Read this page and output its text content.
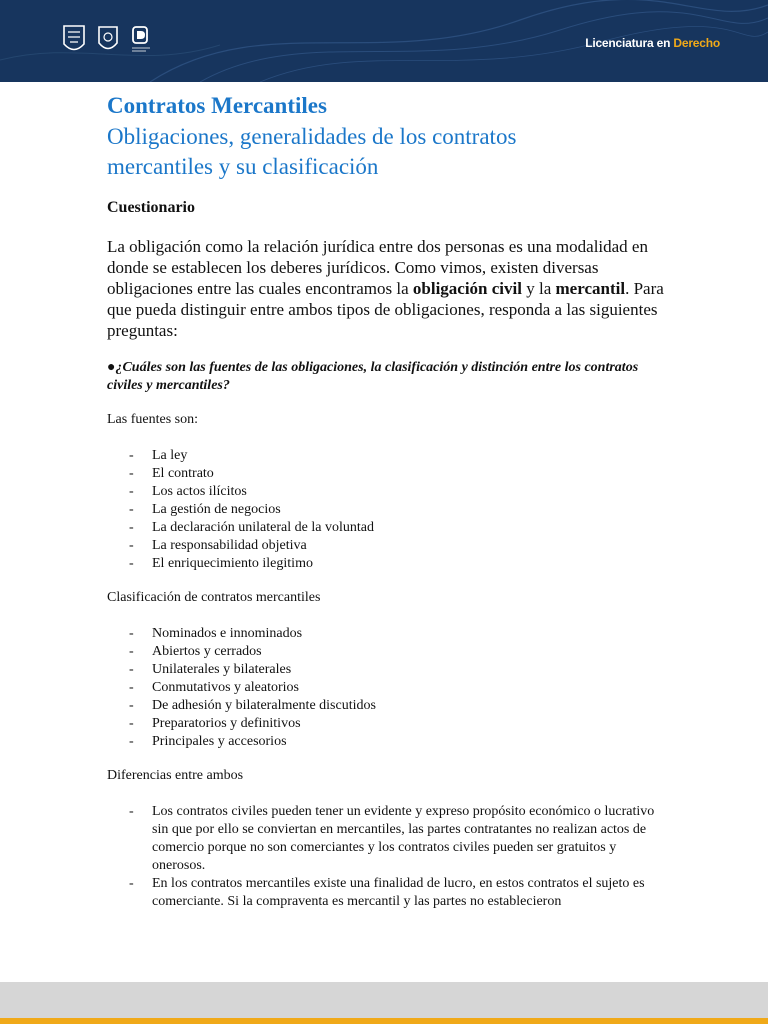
Licenciatura en Derecho
Contratos Mercantiles
Obligaciones, generalidades de los contratos
mercantiles y su clasificación
Cuestionario

La obligación como la relación jurídica entre dos personas es una modalidad en donde se establecen los deberes jurídicos. Como vimos, existen diversas obligaciones entre las cuales encontramos la obligación civil y la mercantil. Para que pueda distinguir entre ambos tipos de obligaciones, responda a las siguientes preguntas:

●¿Cuáles son las fuentes de las obligaciones, la clasificación y distinción entre los contratos civiles y mercantiles?

Las fuentes son:

- La ley
- El contrato
- Los actos ilícitos
- La gestión de negocios
- La declaración unilateral de la voluntad
- La responsabilidad objetiva
- El enriquecimiento ilegitimo

Clasificación de contratos mercantiles

- Nominados e innominados
- Abiertos y cerrados
- Unilaterales y bilaterales
- Conmutativos y aleatorios
- De adhesión y bilateralmente discutidos
- Preparatorios y definitivos
- Principales y accesorios

Diferencias entre ambos

- Los contratos civiles pueden tener un evidente y expreso propósito económico o lucrativo sin que por ello se conviertan en mercantiles, las partes contratantes no realizan actos de comercio porque no son comerciantes y los contratos civiles pueden ser gratuitos y onerosos.
- En los contratos mercantiles existe una finalidad de lucro, en estos contratos el sujeto es comerciante. Si la compraventa es mercantil y las partes no establecieron
